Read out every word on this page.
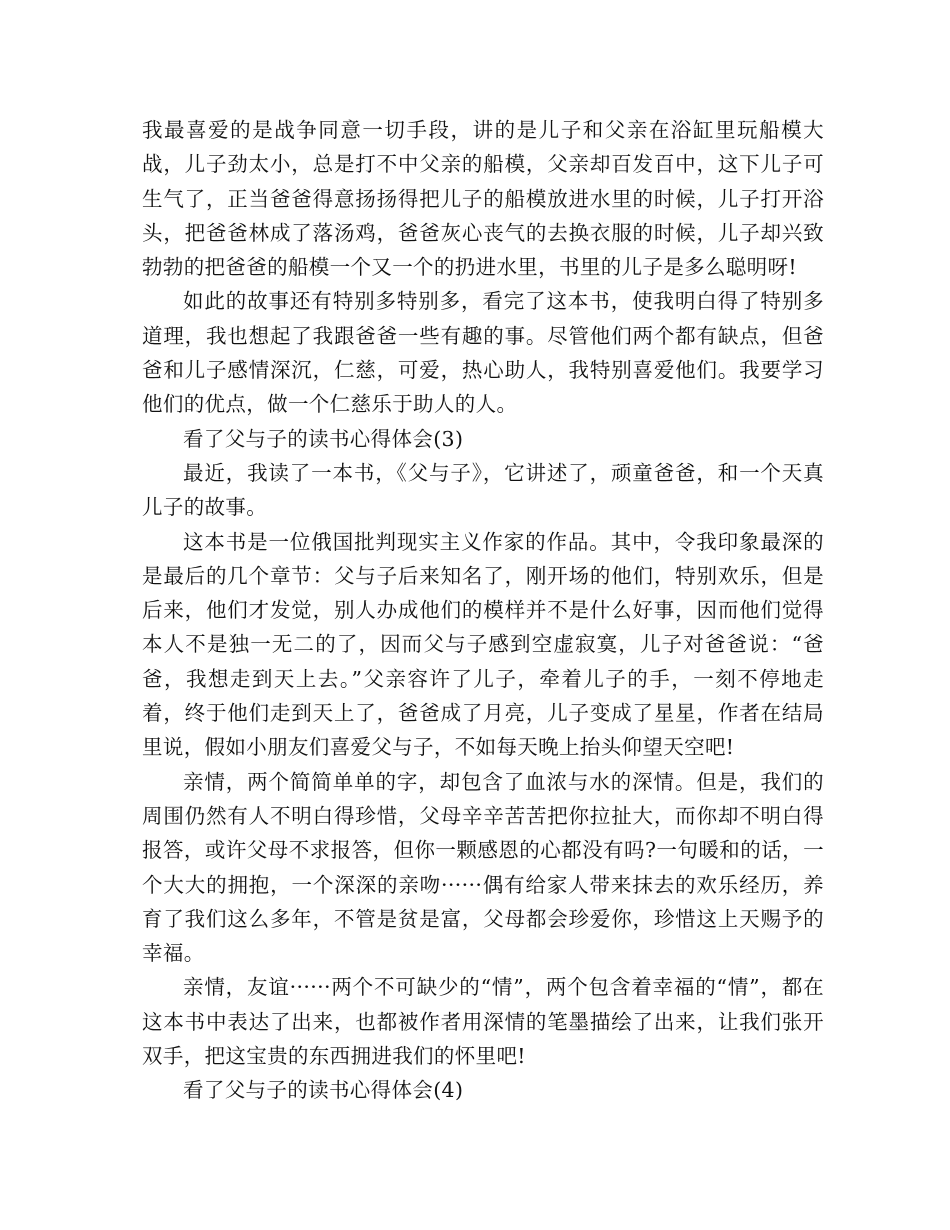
我最喜爱的是战争同意一切手段，讲的是儿子和父亲在浴缸里玩船模大战，儿子劲太小，总是打不中父亲的船模，父亲却百发百中，这下儿子可生气了，正当爸爸得意扬扬得把儿子的船模放进水里的时候，儿子打开浴头，把爸爸林成了落汤鸡，爸爸灰心丧气的去换衣服的时候，儿子却兴致勃勃的把爸爸的船模一个又一个的扔进水里，书里的儿子是多么聪明呀!

如此的故事还有特别多特别多，看完了这本书，使我明白得了特别多道理，我也想起了我跟爸爸一些有趣的事。尽管他们两个都有缺点，但爸爸和儿子感情深沉，仁慈，可爱，热心助人，我特别喜爱他们。我要学习他们的优点，做一个仁慈乐于助人的人。

看了父与子的读书心得体会(3)

最近，我读了一本书，《父与子》，它讲述了，顽童爸爸，和一个天真儿子的故事。

这本书是一位俄国批判现实主义作家的作品。其中，令我印象最深的是最后的几个章节：父与子后来知名了，刚开场的他们，特别欢乐，但是后来，他们才发觉，别人办成他们的模样并不是什么好事，因而他们觉得本人不是独一无二的了，因而父与子感到空虚寂寞，儿子对爸爸说：“爸爸，我想走到天上去。”父亲容许了儿子，牵着儿子的手，一刻不停地走着，终于他们走到天上了，爸爸成了月亮，儿子变成了星星，作者在结局里说，假如小朋友们喜爱父与子，不如每天晚上抬头仰望天空吧!

亲情，两个简简单单的字，却包含了血浓与水的深情。但是，我们的周围仍然有人不明白得珍惜，父母辛辛苦苦把你拉扯大，而你却不明白得报答，或许父母不求报答，但你一颗感恩的心都没有吗?一句暖和的话，一个大大的拥抱，一个深深的亲吻······偶有给家人带来抹去的欢乐经历，养育了我们这么多年，不管是贫是富，父母都会珍爱你，珍惜这上天赐予的幸福。

亲情，友谊······两个不可缺少的“情”，两个包含着幸福的“情”，都在这本书中表达了出来，也都被作者用深情的笔墨描绘了出来，让我们张开双手，把这宝贵的东西拥进我们的怀里吧!

看了父与子的读书心得体会(4)
